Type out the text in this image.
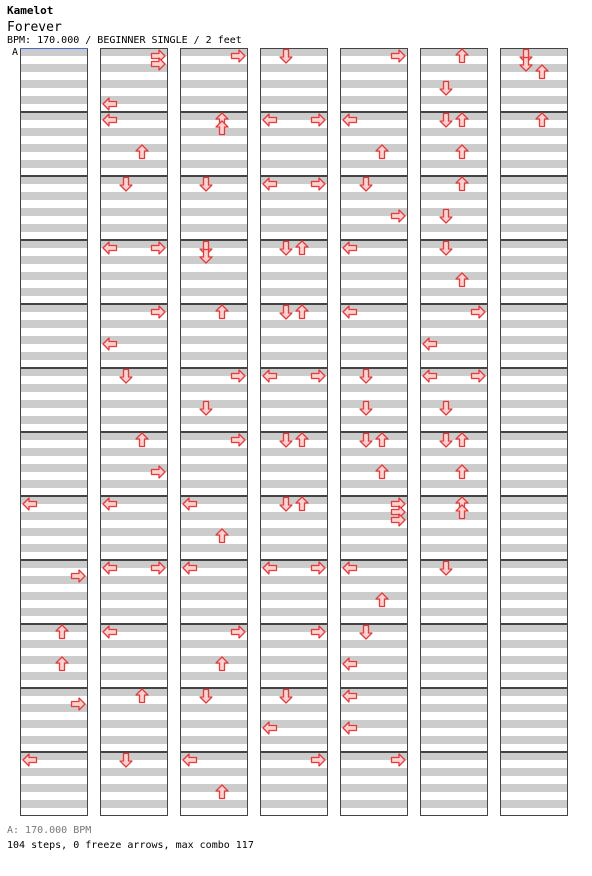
Kamelot
Forever
BPM: 170.000 / BEGINNER SINGLE / 2 feet
A
A: 170.000 BPM
104 steps, 0 freeze arrows, max combo 117
